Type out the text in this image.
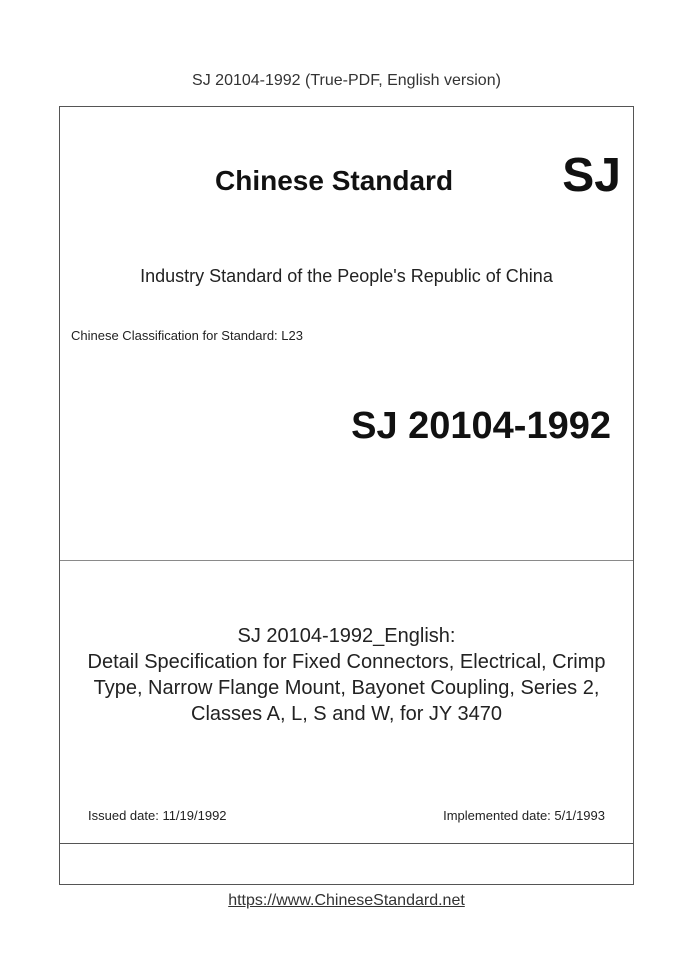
SJ 20104-1992 (True-PDF, English version)
Chinese Standard SJ
Industry Standard of the People's Republic of China
Chinese Classification for Standard: L23
SJ 20104-1992
SJ 20104-1992_English:
Detail Specification for Fixed Connectors, Electrical, Crimp
Type, Narrow Flange Mount, Bayonet Coupling, Series 2,
Classes A, L, S and W, for JY 3470
Issued date: 11/19/1992	Implemented date: 5/1/1993
https://www.ChineseStandard.net
